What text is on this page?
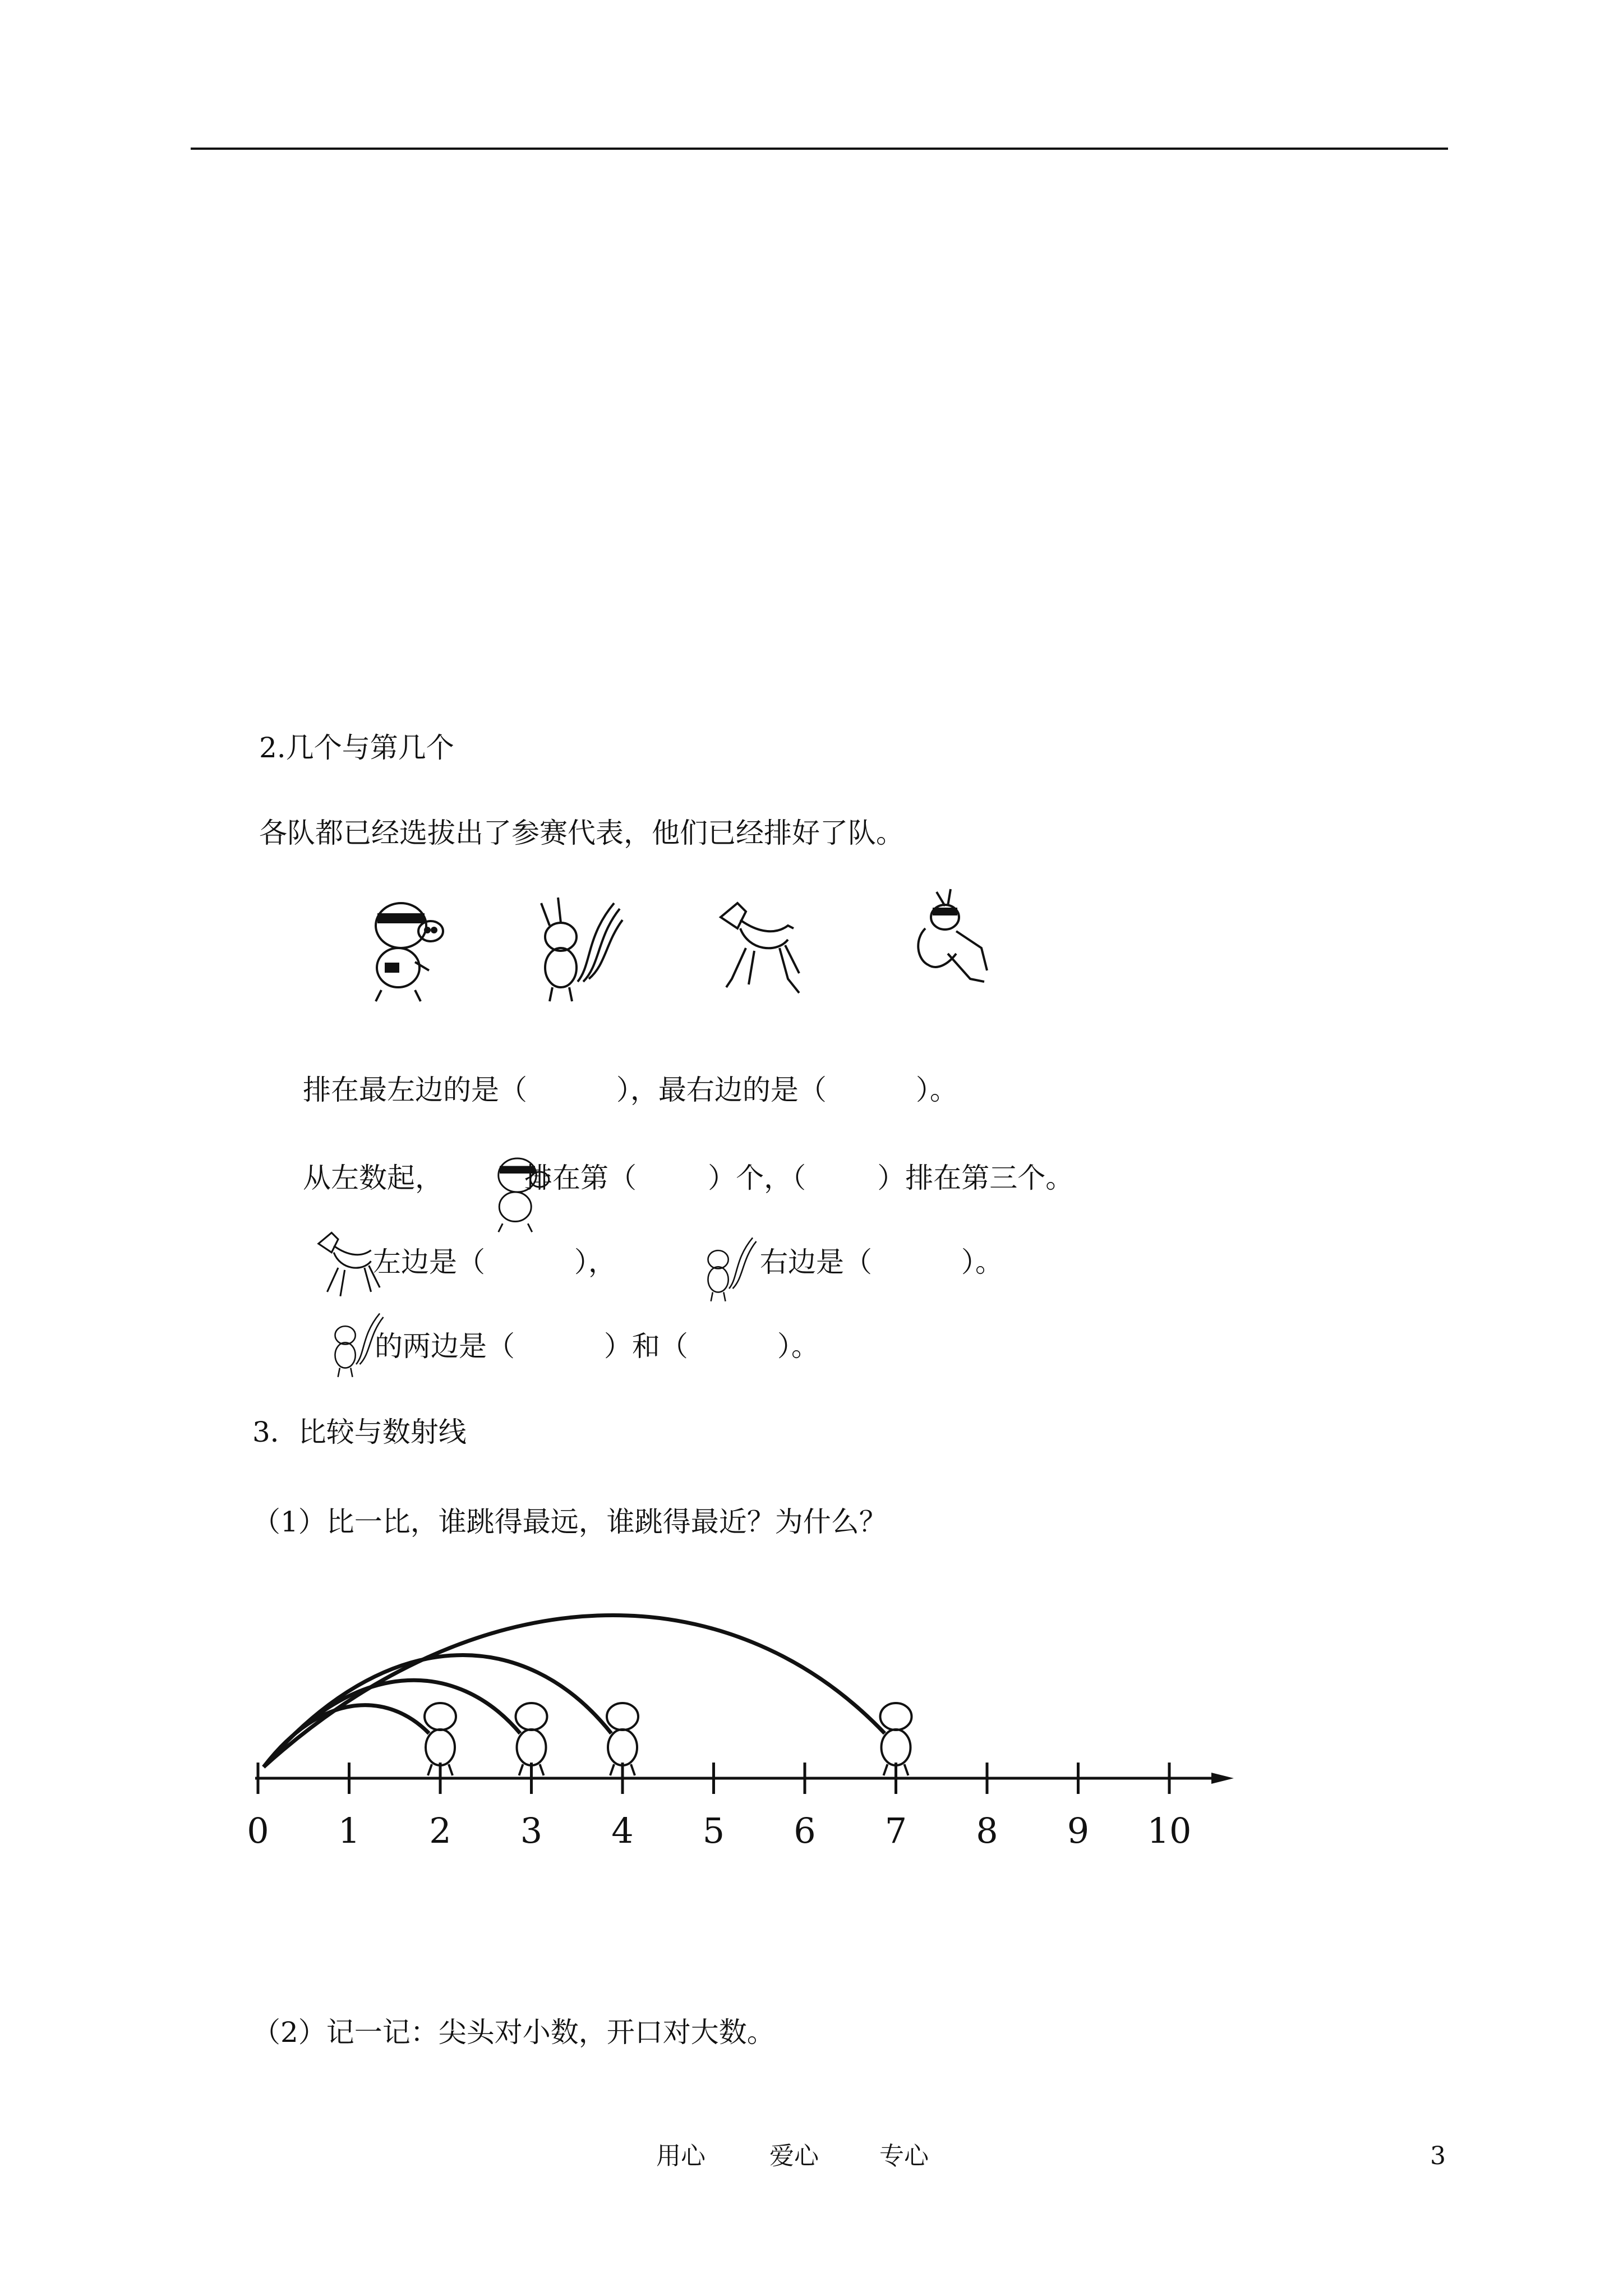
2.几个与第几个
各队都已经选拔出了参赛代表，他们已经排好了队。
排在最左边的是（          ），最右边的是（          ）。
从左数起，	排在第（        ）个，（        ）排在第三个。
左边是（          ），	右边是（          ）。
的两边是（          ）和（          ）。
3．比较与数射线
（1）比一比，谁跳得最远，谁跳得最近？为什么？
0 1 2 3 4 5 6 7 8 9 10
（2）记一记：尖头对小数，开口对大数。
用心	爱心 专心	3
